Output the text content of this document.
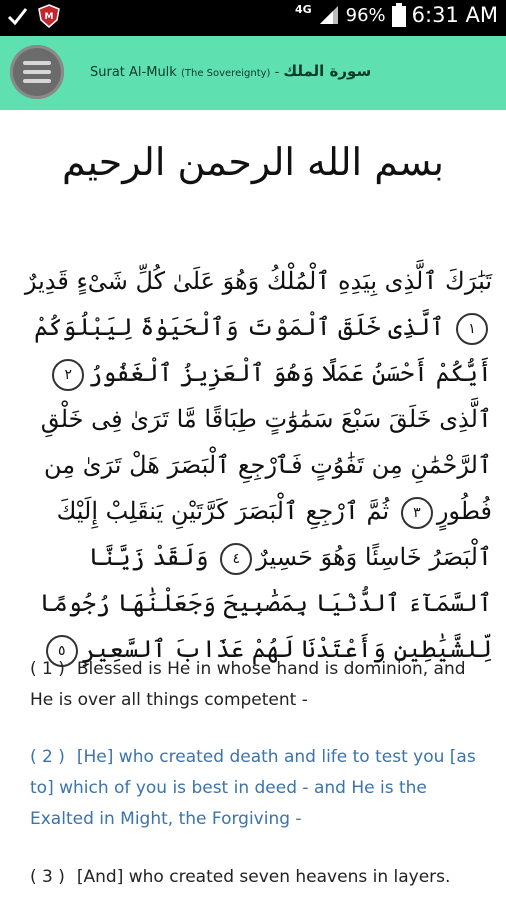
M
4G 96% 6:31 AM
Surat Al-Mulk (The Sovereignty) - سورة الملك
بسم الله الرحمن الرحيم
تَبَٰرَكَ ٱلَّذِى بِيَدِهِ ٱلْمُلْكُ وَهُوَ عَلَىٰ كُلِّ شَىْءٍ قَدِيرٌ١ ٱلَّذِى خَلَقَ ٱلْمَوْتَ وَٱلْحَيَوٰةَ لِيَبْلُوَكُمْ أَيُّكُمْ أَحْسَنُ عَمَلًا وَهُوَ ٱلْعَزِيزُ ٱلْغَفُورُ٢ ٱلَّذِى خَلَقَ سَبْعَ سَمَٰوَٰتٍ طِبَاقًا مَّا تَرَىٰ فِى خَلْقِ ٱلرَّحْمَٰنِ مِن تَفَٰوُتٍ فَٱرْجِعِ ٱلْبَصَرَ هَلْ تَرَىٰ مِن فُطُورٍ٣ ثُمَّ ٱرْجِعِ ٱلْبَصَرَ كَرَّتَيْنِ يَنقَلِبْ إِلَيْكَ ٱلْبَصَرُ خَاسِئًا وَهُوَ حَسِيرٌ٤ وَلَقَدْ زَيَّنَّا ٱلسَّمَآءَ ٱلدُّنْيَا بِمَصَٰبِيحَ وَجَعَلْنَٰهَا رُجُومًا لِّلشَّيَٰطِينِ وَأَعْتَدْنَا لَهُمْ عَذَابَ ٱلسَّعِيرِ٥
( 1 ) Blessed is He in whose hand is dominion, and He is over all things competent -
( 2 ) [He] who created death and life to test you [as to] which of you is best in deed - and He is the Exalted in Might, the Forgiving -
( 3 ) [And] who created seven heavens in layers.
